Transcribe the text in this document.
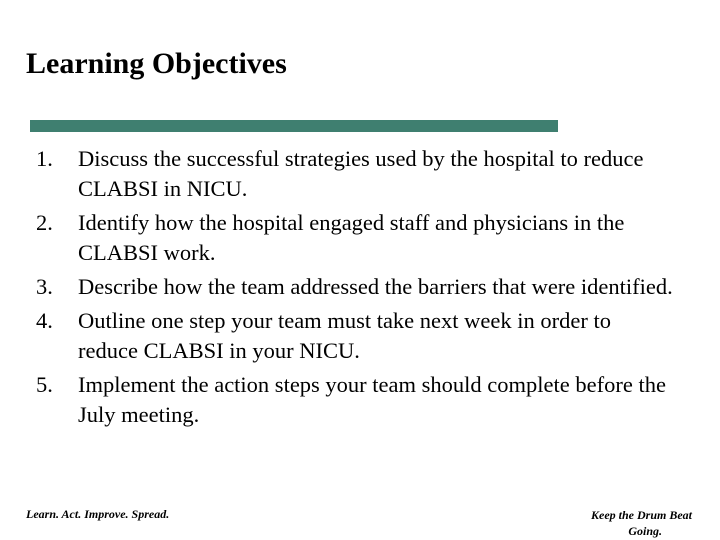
Learning Objectives
1.	Discuss the successful strategies used by the hospital to reduce CLABSI in NICU.
2.	Identify how the hospital engaged staff and physicians in the CLABSI work.
3.	Describe how the team addressed the barriers that were identified.
4.	Outline one step your team must take next week in order to reduce CLABSI in your NICU.
5.	Implement the action steps your team should complete before the July meeting.
Learn. Act. Improve. Spread.	Keep the Drum Beat
Going.
